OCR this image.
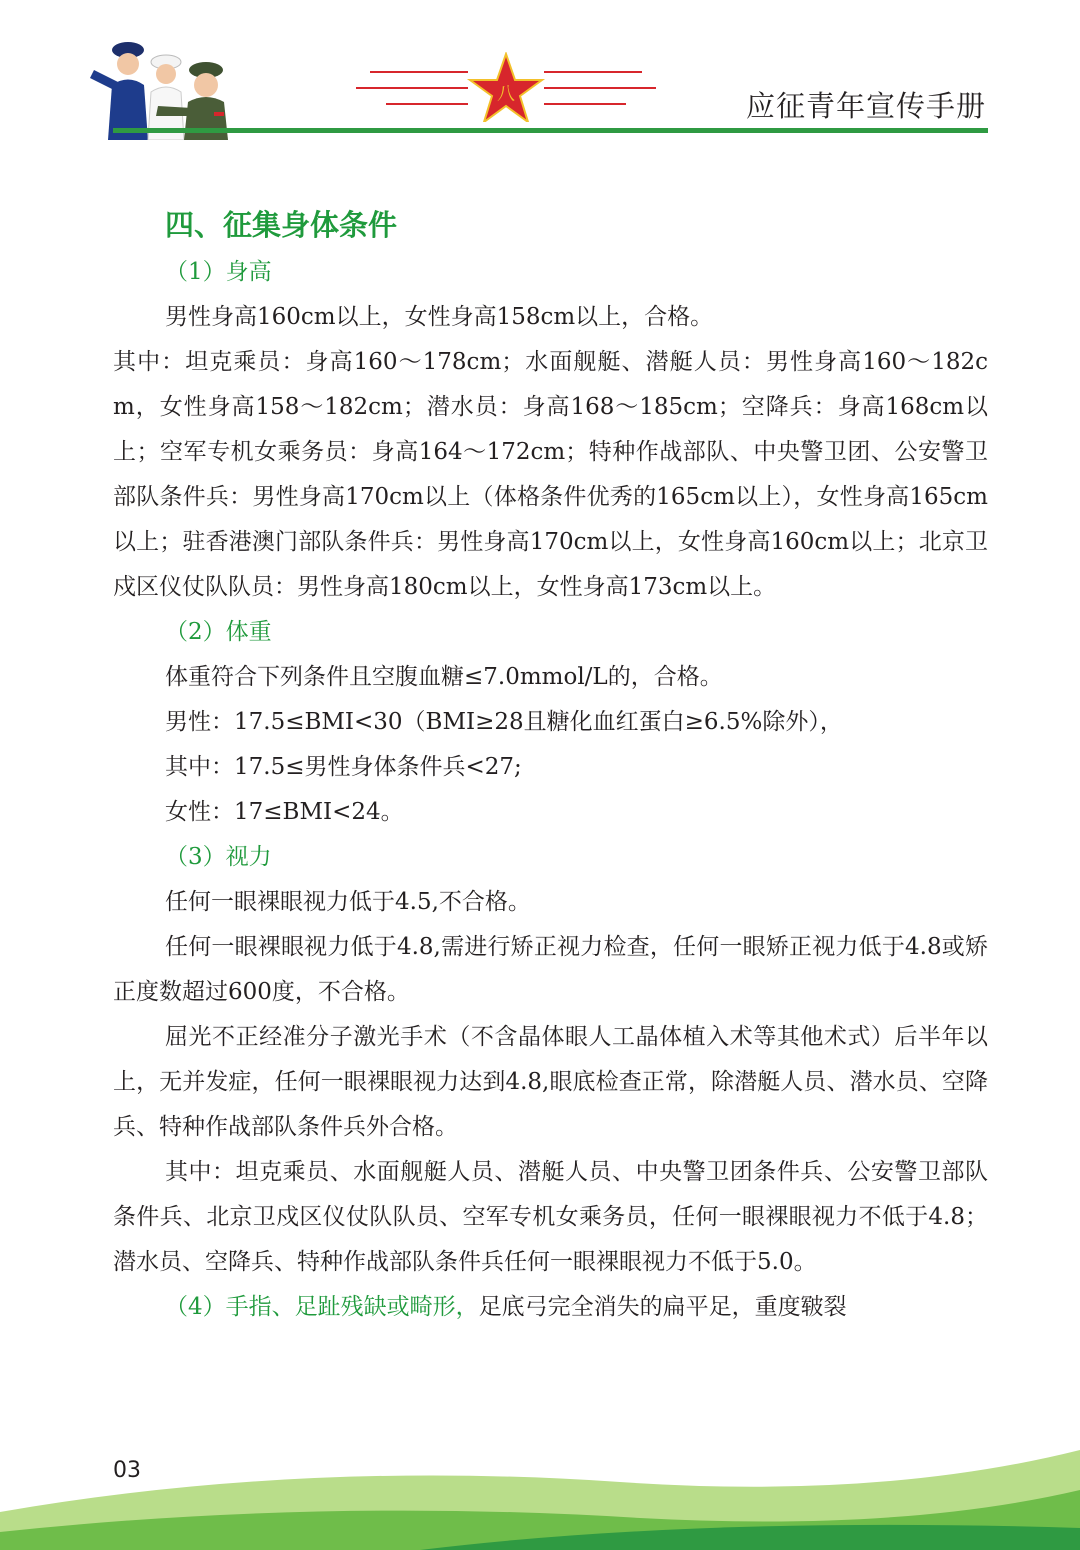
八	应征青年宣传手册
四、征集身体条件
（1）身高

男性身高160cm以上，女性身高158cm以上，合格。

其中：坦克乘员：身高160～178cm；水面舰艇、潜艇人员：男性身高160～182cm，女性身高158～182cm；潜水员：身高168～185cm；空降兵：身高168cm以上；空军专机女乘务员：身高164～172cm；特种作战部队、中央警卫团、公安警卫部队条件兵：男性身高170cm以上（体格条件优秀的165cm以上），女性身高165cm以上；驻香港澳门部队条件兵：男性身高170cm以上，女性身高160cm以上；北京卫戍区仪仗队队员：男性身高180cm以上，女性身高173cm以上。

（2）体重

体重符合下列条件且空腹血糖≤7.0mmol/L的，合格。

男性：17.5≤BMI<30（BMI≥28且糖化血红蛋白≥6.5%除外），

其中：17.5≤男性身体条件兵<27;

女性：17≤BMI<24。

（3）视力

任何一眼裸眼视力低于4.5,不合格。

任何一眼裸眼视力低于4.8,需进行矫正视力检查，任何一眼矫正视力低于4.8或矫正度数超过600度，不合格。

屈光不正经准分子激光手术（不含晶体眼人工晶体植入术等其他术式）后半年以上，无并发症，任何一眼裸眼视力达到4.8,眼底检查正常，除潜艇人员、潜水员、空降兵、特种作战部队条件兵外合格。

其中：坦克乘员、水面舰艇人员、潜艇人员、中央警卫团条件兵、公安警卫部队条件兵、北京卫戍区仪仗队队员、空军专机女乘务员，任何一眼裸眼视力不低于4.8；潜水员、空降兵、特种作战部队条件兵任何一眼裸眼视力不低于5.0。

（4）手指、足趾残缺或畸形，足底弓完全消失的扁平足，重度皲裂
03
